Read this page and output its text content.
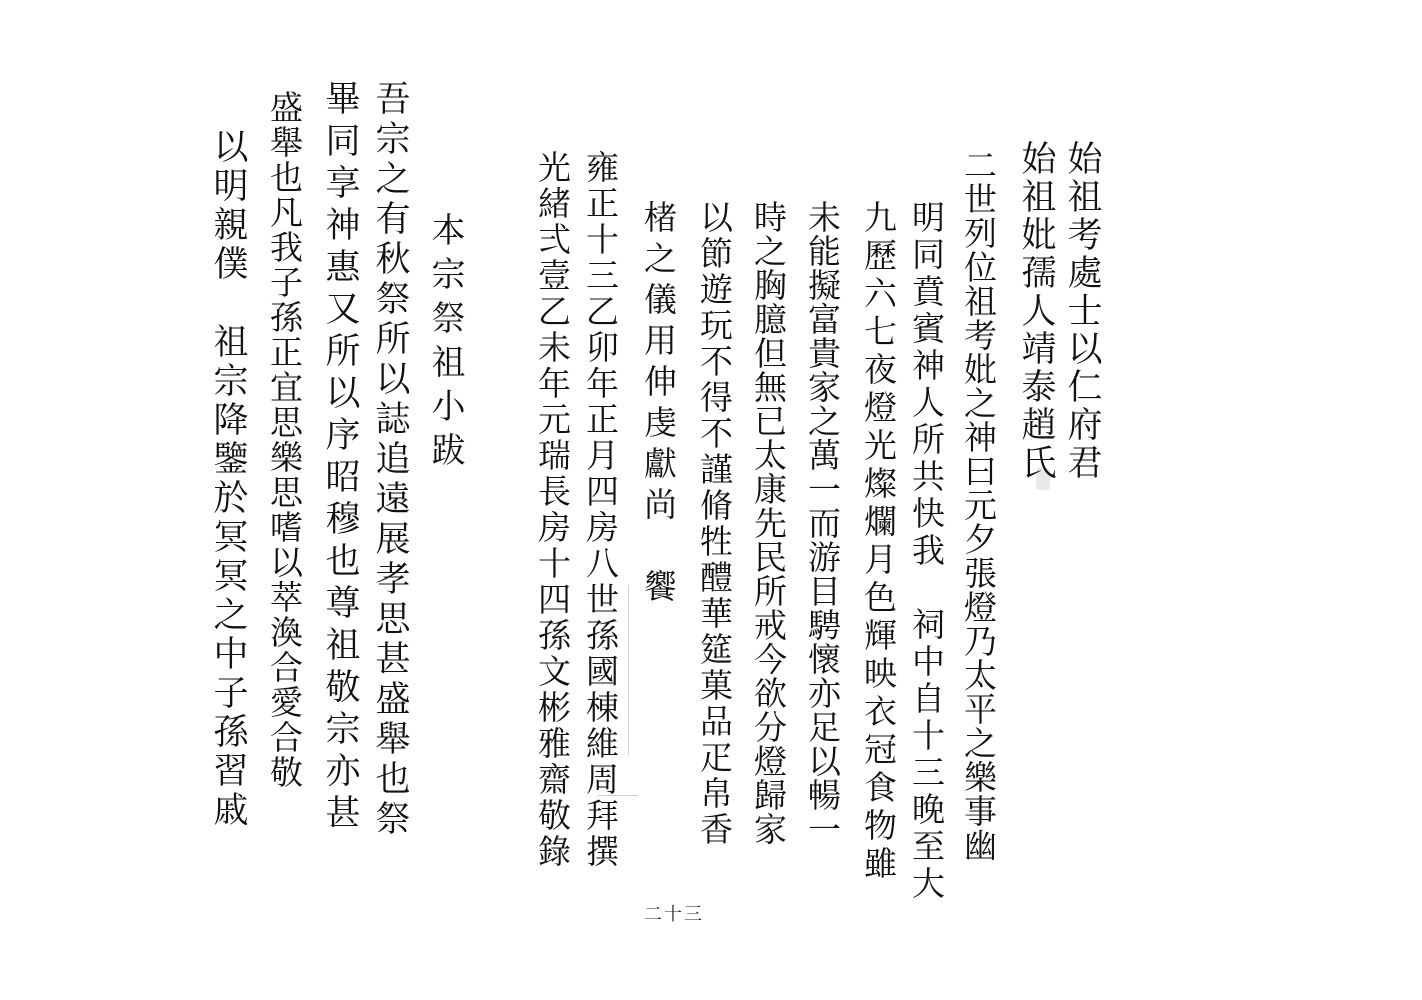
始祖考處士以仁府君
始祖妣孺人靖泰趙氏
二世列位祖考妣之神曰元夕張燈乃太平之樂事幽
明同賁賓神人所共快我　祠中自十三晚至大
九歷六七夜燈光燦爛月色輝映衣冠食物雖
未能擬富貴家之萬一而游目騁懷亦足以暢一
時之胸臆但無已太康先民所戒今欲分燈歸家
以節遊玩不得不謹脩牲醴華筵菓品疋帛香
楮之儀用伸虔獻尚　饗
雍正十三乙卯年正月四房八世孫國棟維周拜撰
光緒弍壹乙未年元瑞長房十四孫文彬雅齋敬錄
本宗祭祖小跋
吾宗之有秋祭所以誌追遠展孝思甚盛舉也祭
畢同享神惠又所以序昭穆也尊祖敬宗亦甚
盛舉也凡我子孫正宜思樂思嗜以萃渙合愛合敬
以明親僕　祖宗降鑒於冥冥之中子孫習戚
二十三
